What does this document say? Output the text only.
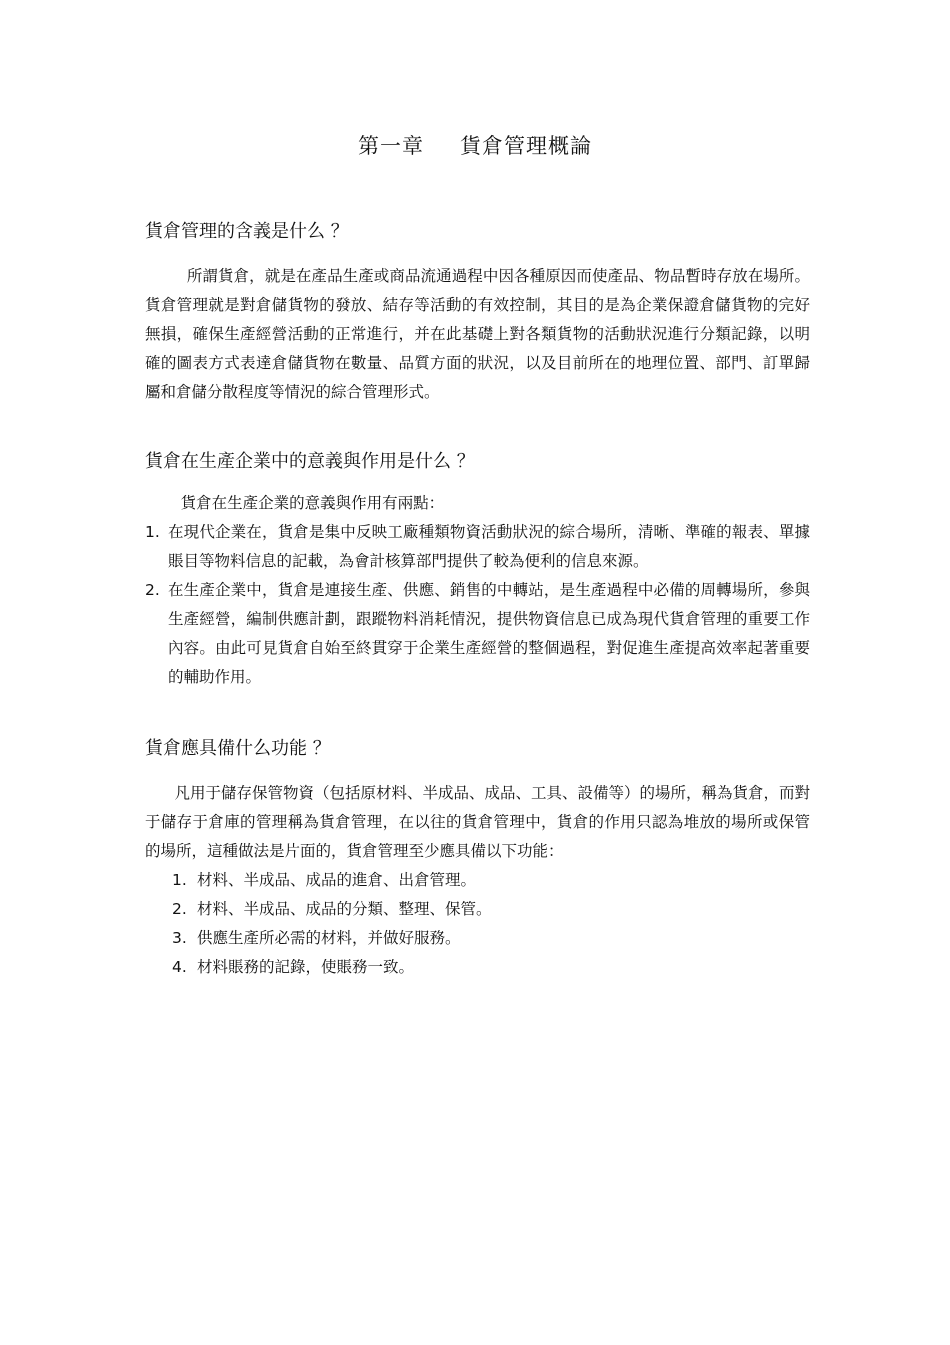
第一章 貨倉管理概論
貨倉管理的含義是什么 ？

所謂貨倉，就是在產品生產或商品流通過程中因各種原因而使產品、物品暫時存放在場所。貨倉管理就是對倉儲貨物的發放、結存等活動的有效控制，其目的是為企業保證倉儲貨物的完好無損，確保生產經營活動的正常進行，并在此基礎上對各類貨物的活動狀況進行分類記錄，以明確的圖表方式表達倉儲貨物在數量、品質方面的狀況，以及目前所在的地理位置、部門、訂單歸屬和倉儲分散程度等情況的綜合管理形式。

貨倉在生產企業中的意義與作用是什么 ？

貨倉在生產企業的意義與作用有兩點：

1. 在現代企業在，貨倉是集中反映工廠種類物資活動狀況的綜合場所，清晰、準確的報表、單據賬目等物料信息的記載，為會計核算部門提供了較為便利的信息來源。
2. 在生產企業中，貨倉是連接生產、供應、銷售的中轉站，是生產過程中必備的周轉場所，參與生產經營，編制供應計劃，跟蹤物料消耗情況，提供物資信息已成為現代貨倉管理的重要工作內容。由此可見貨倉自始至終貫穿于企業生產經營的整個過程，對促進生產提高效率起著重要的輔助作用。
貨倉應具備什么功能 ？

凡用于儲存保管物資（包括原材料、半成品、成品、工具、設備等）的場所，稱為貨倉，而對于儲存于倉庫的管理稱為貨倉管理，在以往的貨倉管理中，貨倉的作用只認為堆放的場所或保管的場所，這種做法是片面的，貨倉管理至少應具備以下功能：

1. 材料、半成品、成品的進倉、出倉管理。
2. 材料、半成品、成品的分類、整理、保管。
3. 供應生產所必需的材料，并做好服務。
4. 材料賬務的記錄，使賬務一致。
